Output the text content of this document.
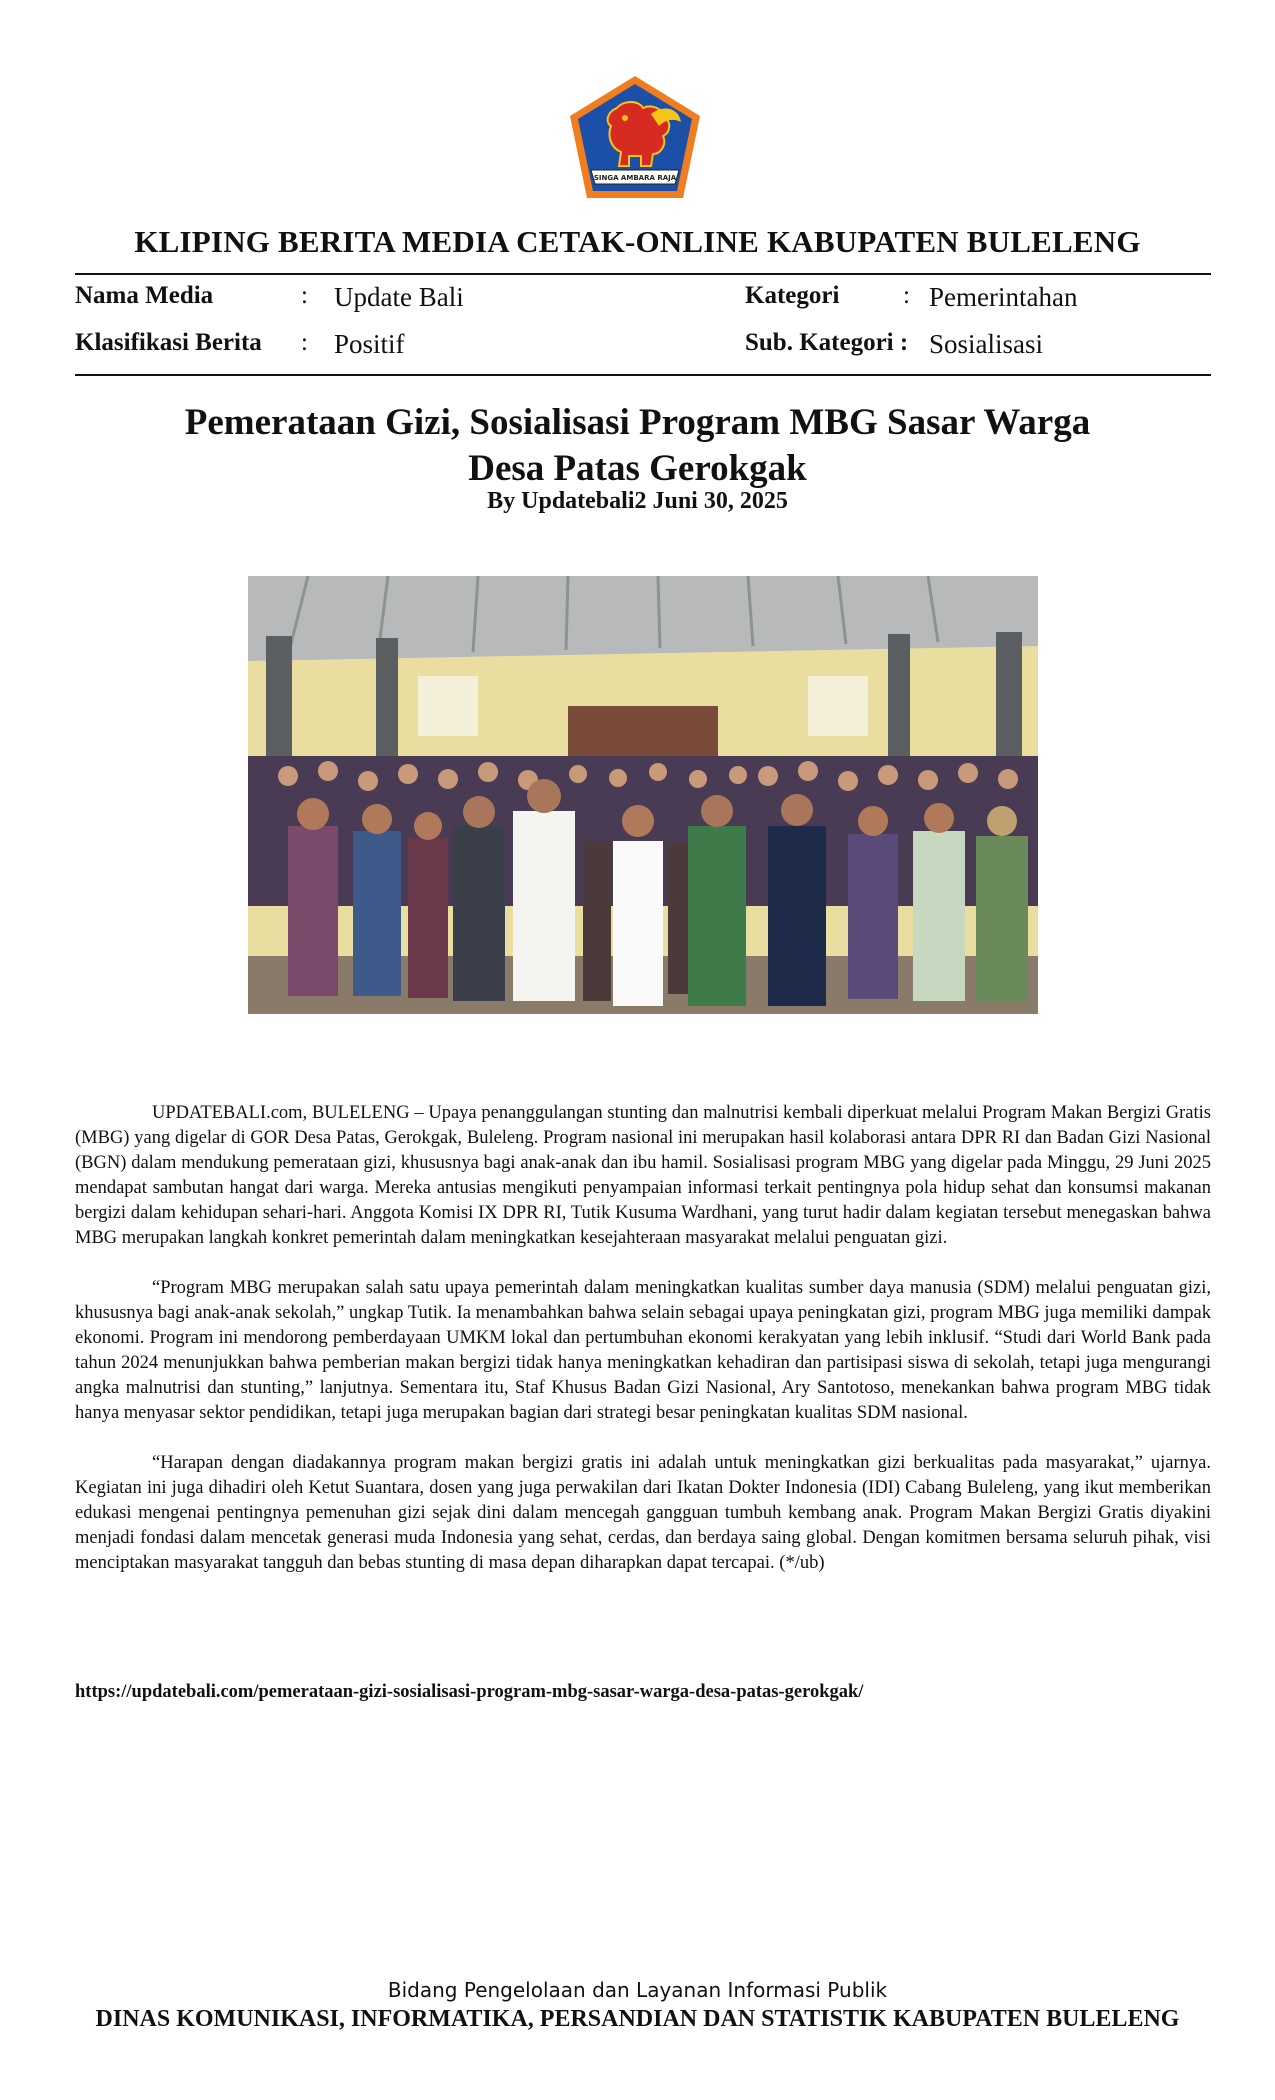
SINGA AMBARA RAJA
KLIPING BERITA MEDIA CETAK-ONLINE KABUPATEN BULELENG
Nama Media	: Update Bali
Klasifikasi Berita : Positif
Kategori	: Pemerintahan
Sub. Kategori : Sosialisasi
Pemerataan Gizi, Sosialisasi Program MBG Sasar Warga
Desa Patas Gerokgak
By Updatebali2 Juni 30, 2025

UPDATEBALI.com, BULELENG – Upaya penanggulangan stunting dan malnutrisi kembali diperkuat melalui Program Makan Bergizi Gratis (MBG) yang digelar di GOR Desa Patas, Gerokgak, Buleleng. Program nasional ini merupakan hasil kolaborasi antara DPR RI dan Badan Gizi Nasional (BGN) dalam mendukung pemerataan gizi, khususnya bagi anak-anak dan ibu hamil. Sosialisasi program MBG yang digelar pada Minggu, 29 Juni 2025 mendapat sambutan hangat dari warga. Mereka antusias mengikuti penyampaian informasi terkait pentingnya pola hidup sehat dan konsumsi makanan bergizi dalam kehidupan sehari-hari. Anggota Komisi IX DPR RI, Tutik Kusuma Wardhani, yang turut hadir dalam kegiatan tersebut menegaskan bahwa MBG merupakan langkah konkret pemerintah dalam meningkatkan kesejahteraan masyarakat melalui penguatan gizi.

“Program MBG merupakan salah satu upaya pemerintah dalam meningkatkan kualitas sumber daya manusia (SDM) melalui penguatan gizi, khususnya bagi anak-anak sekolah,” ungkap Tutik. Ia menambahkan bahwa selain sebagai upaya peningkatan gizi, program MBG juga memiliki dampak ekonomi. Program ini mendorong pemberdayaan UMKM lokal dan pertumbuhan ekonomi kerakyatan yang lebih inklusif. “Studi dari World Bank pada tahun 2024 menunjukkan bahwa pemberian makan bergizi tidak hanya meningkatkan kehadiran dan partisipasi siswa di sekolah, tetapi juga mengurangi angka malnutrisi dan stunting,” lanjutnya. Sementara itu, Staf Khusus Badan Gizi Nasional, Ary Santotoso, menekankan bahwa program MBG tidak hanya menyasar sektor pendidikan, tetapi juga merupakan bagian dari strategi besar peningkatan kualitas SDM nasional.

“Harapan dengan diadakannya program makan bergizi gratis ini adalah untuk meningkatkan gizi berkualitas pada masyarakat,” ujarnya. Kegiatan ini juga dihadiri oleh Ketut Suantara, dosen yang juga perwakilan dari Ikatan Dokter Indonesia (IDI) Cabang Buleleng, yang ikut memberikan edukasi mengenai pentingnya pemenuhan gizi sejak dini dalam mencegah gangguan tumbuh kembang anak. Program Makan Bergizi Gratis diyakini menjadi fondasi dalam mencetak generasi muda Indonesia yang sehat, cerdas, dan berdaya saing global. Dengan komitmen bersama seluruh pihak, visi menciptakan masyarakat tangguh dan bebas stunting di masa depan diharapkan dapat tercapai. (*/ub)

https://updatebali.com/pemerataan-gizi-sosialisasi-program-mbg-sasar-warga-desa-patas-gerokgak/
Bidang Pengelolaan dan Layanan Informasi Publik
DINAS KOMUNIKASI, INFORMATIKA, PERSANDIAN DAN STATISTIK KABUPATEN BULELENG
